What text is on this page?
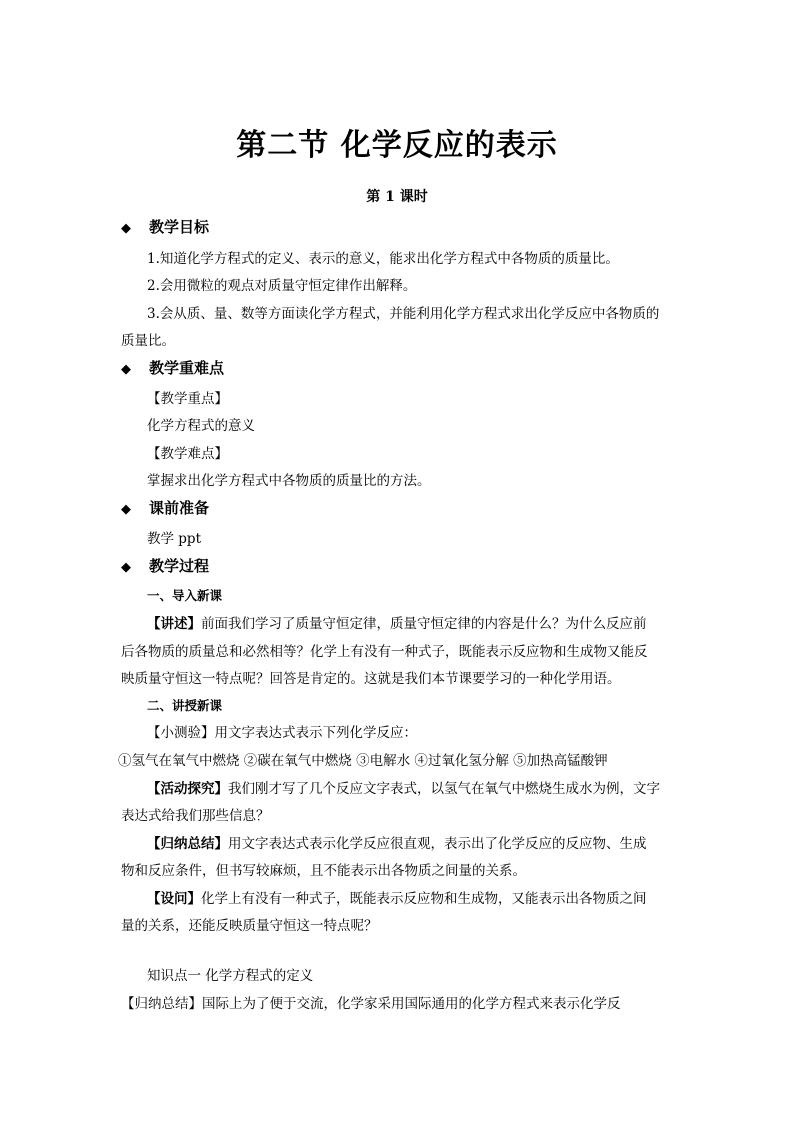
第二节 化学反应的表示
第 1 课时
◆ 教学目标
1.知道化学方程式的定义、表示的意义，能求出化学方程式中各物质的质量比。
2.会用微粒的观点对质量守恒定律作出解释。
3.会从质、量、数等方面读化学方程式，并能利用化学方程式求出化学反应中各物质的
质量比。
◆ 教学重难点
【教学重点】
化学方程式的意义
【教学难点】
掌握求出化学方程式中各物质的质量比的方法。
◆ 课前准备
教学 ppt
◆ 教学过程
一、导入新课
【讲述】前面我们学习了质量守恒定律，质量守恒定律的内容是什么？为什么反应前
后各物质的质量总和必然相等？化学上有没有一种式子，既能表示反应物和生成物又能反
映质量守恒这一特点呢？回答是肯定的。这就是我们本节课要学习的一种化学用语。
二、讲授新课
【小测验】用文字表达式表示下列化学反应：
①氢气在氧气中燃烧 ②碳在氧气中燃烧 ③电解水 ④过氧化氢分解 ⑤加热高锰酸钾
【活动探究】我们刚才写了几个反应文字表式，以氢气在氧气中燃烧生成水为例，文字
表达式给我们那些信息？
【归纳总结】用文字表达式表示化学反应很直观，表示出了化学反应的反应物、生成
物和反应条件，但书写较麻烦，且不能表示出各物质之间量的关系。
【设问】化学上有没有一种式子，既能表示反应物和生成物，又能表示出各物质之间
量的关系，还能反映质量守恒这一特点呢？
知识点一 化学方程式的定义
【归纳总结】国际上为了便于交流，化学家采用国际通用的化学方程式来表示化学反
